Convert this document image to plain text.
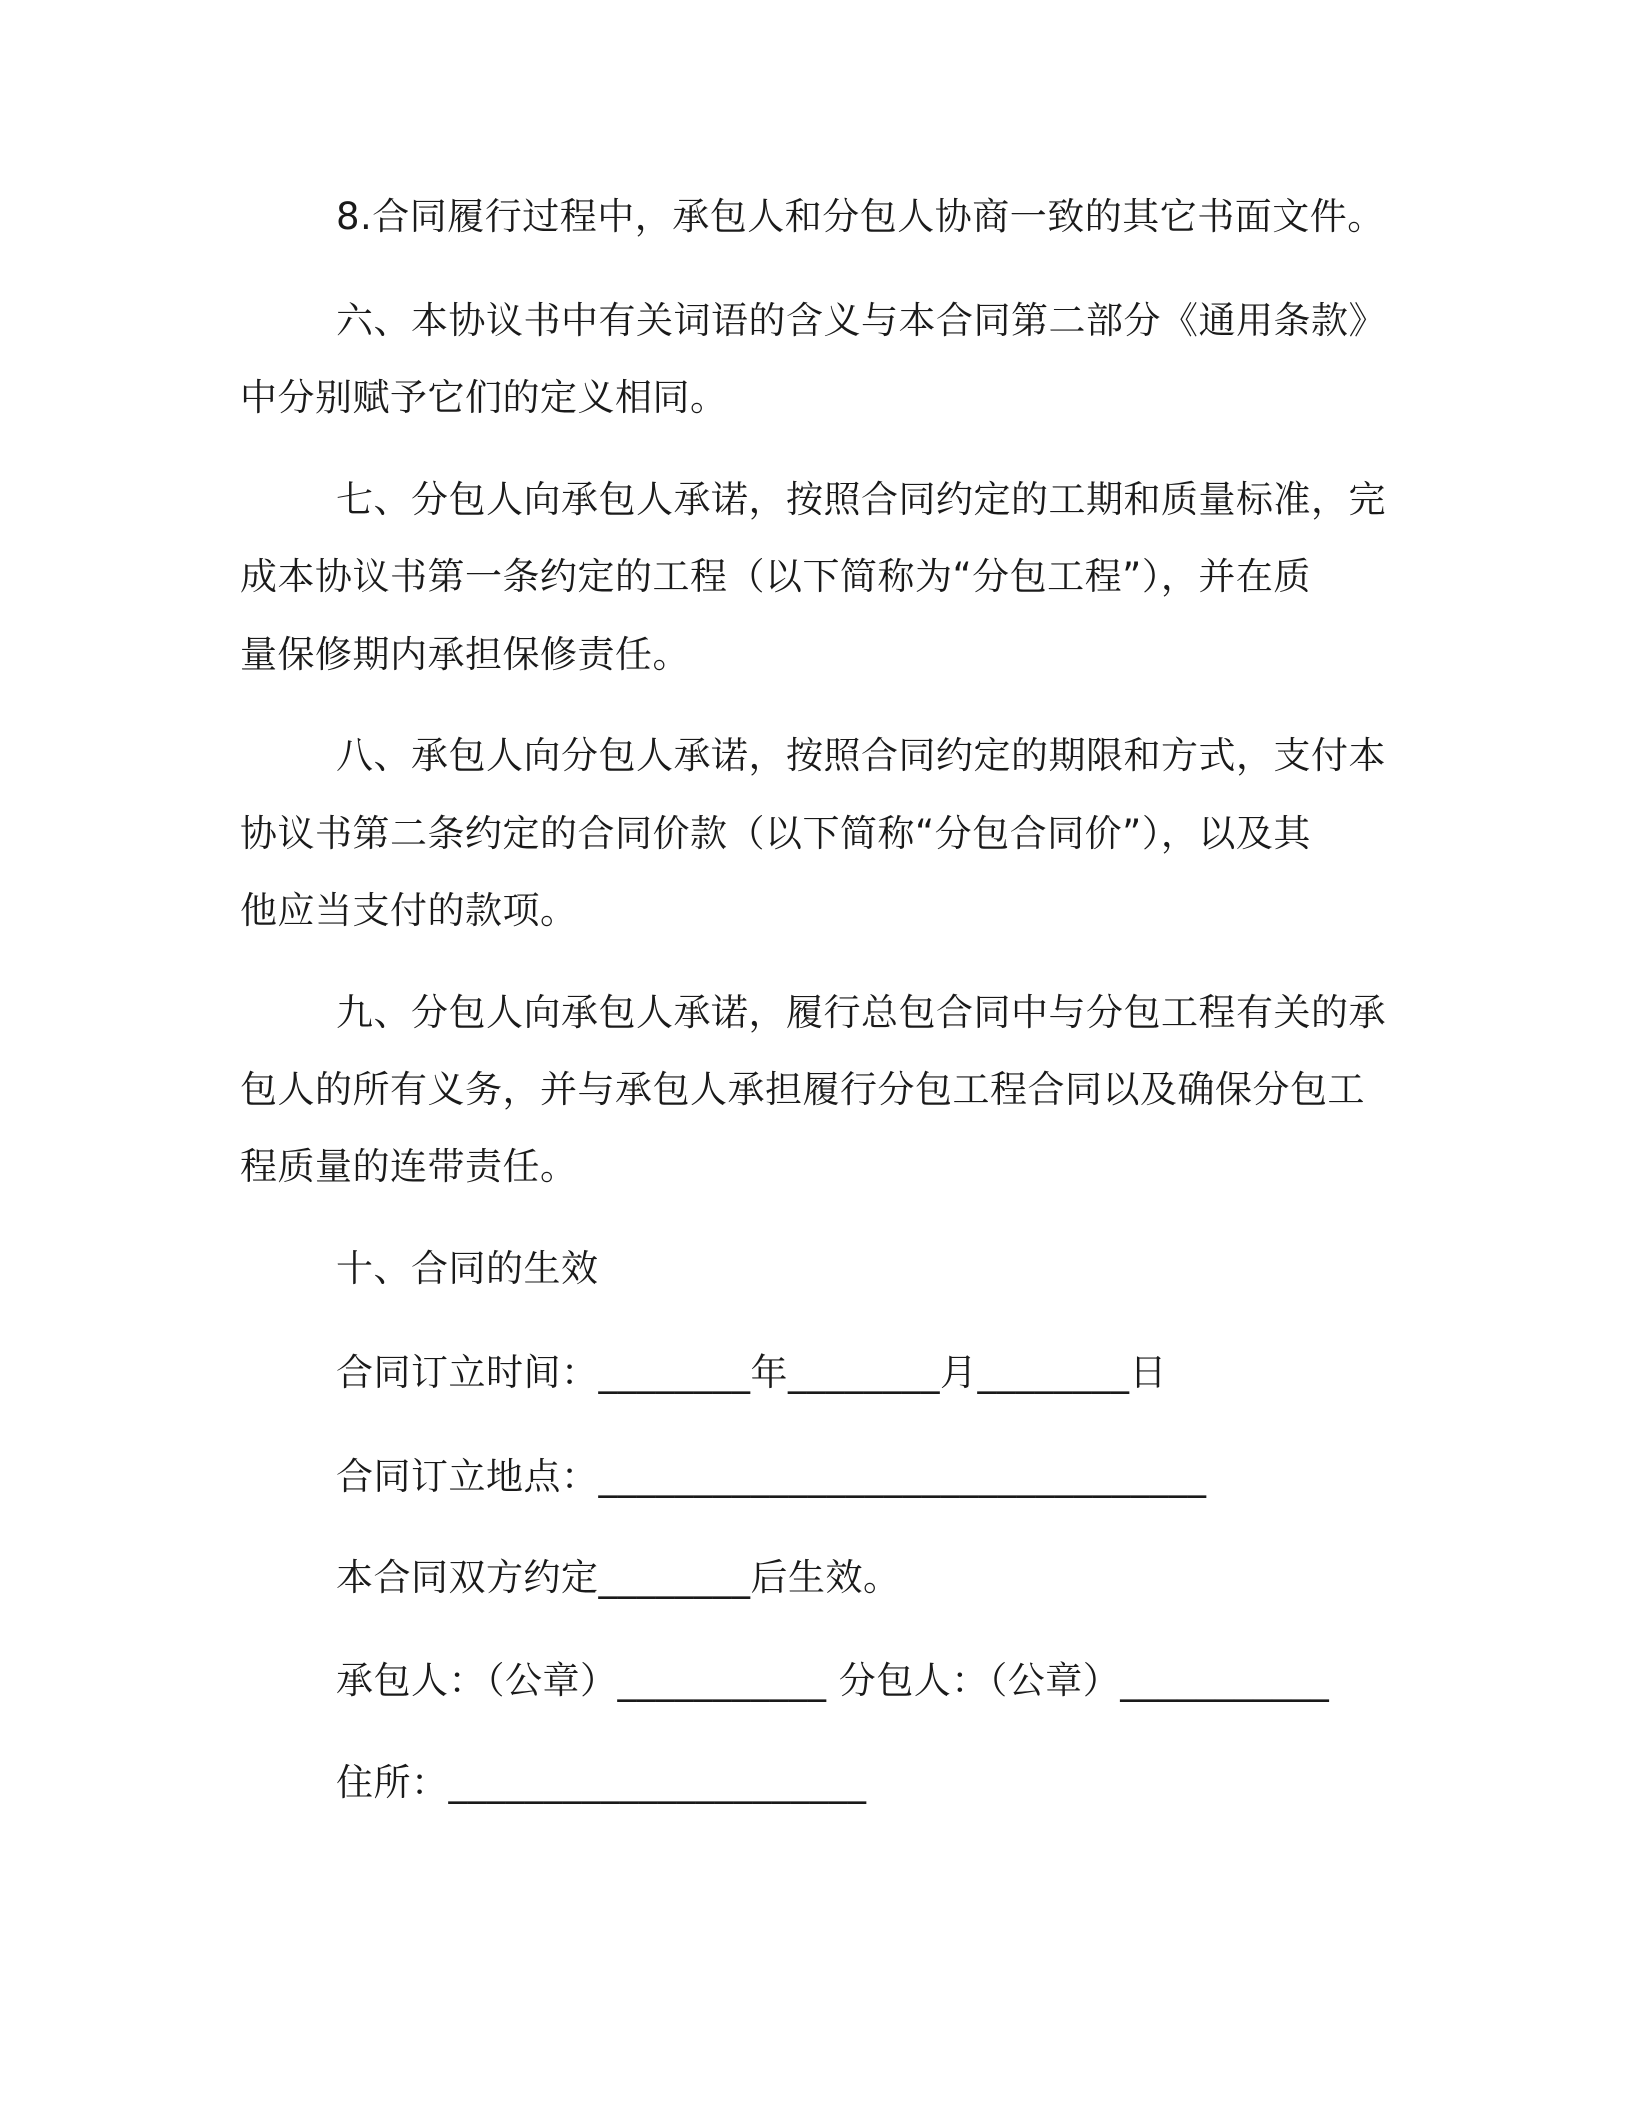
8.合同履行过程中，承包人和分包人协商一致的其它书面文件。
六、本协议书中有关词语的含义与本合同第二部分《通用条款》
中分别赋予它们的定义相同。
七、分包人向承包人承诺，按照合同约定的工期和质量标准，完
成本协议书第一条约定的工程（以下简称为“分包工程”），并在质
量保修期内承担保修责任。
八、承包人向分包人承诺，按照合同约定的期限和方式，支付本
协议书第二条约定的合同价款（以下简称“分包合同价”），以及其
他应当支付的款项。
九、分包人向承包人承诺，履行总包合同中与分包工程有关的承
包人的所有义务，并与承包人承担履行分包工程合同以及确保分包工
程质量的连带责任。
十、合同的生效
合同订立时间：________年________月________日
合同订立地点：________________________________
本合同双方约定________后生效。
承包人：（公章）___________ 分包人：（公章）___________
住所：______________________
